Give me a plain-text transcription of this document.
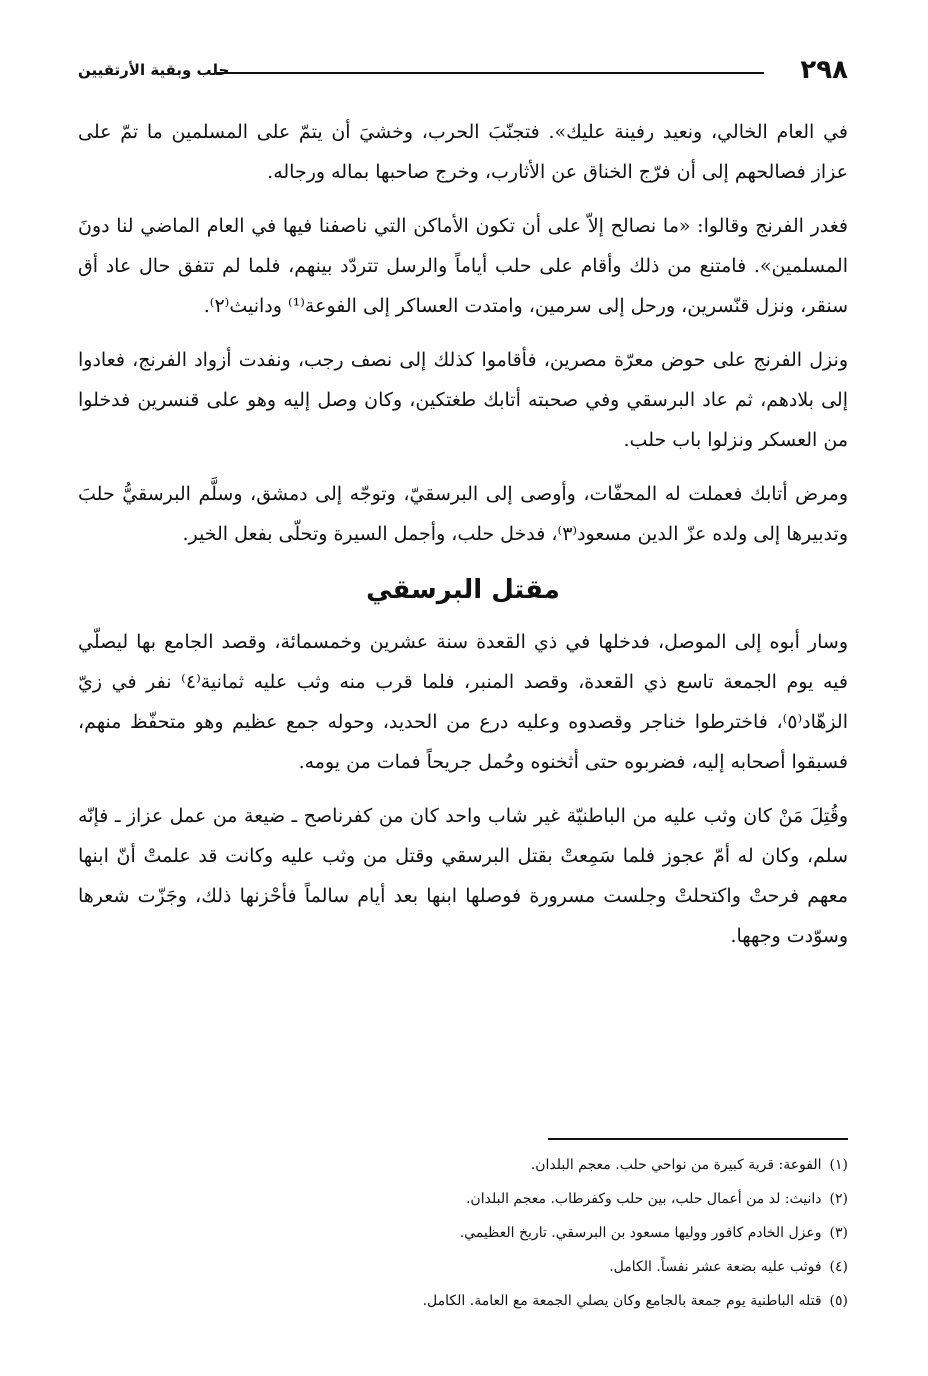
٢٩٨
حلب وبقية الأرتقيين

في العام الخالي، ونعيد رفينة عليك». فتجنّبَ الحرب، وخشيَ أن يتمّ على المسلمين ما تمّ على عزاز فصالحهم إلى أن فرّج الخناق عن الأثارب، وخرج صاحبها بماله ورجاله.

فغدر الفرنج وقالوا: «ما نصالح إلاّ على أن تكون الأماكن التي ناصفنا فيها في العام الماضي لنا دونَ المسلمين». فامتنع من ذلك وأقام على حلب أياماً والرسل تتردّد بينهم، فلما لم تتفق حال عاد أق سنقر، ونزل قنّسرين، ورحل إلى سرمين، وامتدت العساكر إلى الفوعة⁽¹⁾ ودانيث⁽٢⁾.

ونزل الفرنج على حوض معرّة مصرين، فأقاموا كذلك إلى نصف رجب، ونفدت أزواد الفرنج، فعادوا إلى بلادهم، ثم عاد البرسقي وفي صحبته أتابك طغتكين، وكان وصل إليه وهو على قنسرين فدخلوا من العسكر ونزلوا باب حلب.

ومرض أتابك فعملت له المحفّات، وأوصى إلى البرسقيّ، وتوجّه إلى دمشق، وسلَّم البرسقيُّ حلبَ وتدبيرها إلى ولده عزّ الدين مسعود⁽٣⁾، فدخل حلب، وأجمل السيرة وتحلّى بفعل الخير.

مقتل البرسقي

وسار أبوه إلى الموصل، فدخلها في ذي القعدة سنة عشرين وخمسمائة، وقصد الجامع بها ليصلّي فيه يوم الجمعة تاسع ذي القعدة، وقصد المنبر، فلما قرب منه وثب عليه ثمانية⁽٤⁾ نفر في زيّ الزهّاد⁽٥⁾، فاخترطوا خناجر وقصدوه وعليه درع من الحديد، وحوله جمع عظيم وهو متحفّظ منهم، فسبقوا أصحابه إليه، فضربوه حتى أثخنوه وحُمل جريحاً فمات من يومه.

وقُتِلَ مَنْ كان وثب عليه من الباطنيّة غير شاب واحد كان من كفرناصح ـ ضيعة من عمل عزاز ـ فإنّه سلم، وكان له أمّ عجوز فلما سَمِعتْ بقتل البرسقي وقتل من وثب عليه وكانت قد علمتْ أنّ ابنها معهم فرحتْ واكتحلتْ وجلست مسرورة فوصلها ابنها بعد أيام سالماً فأحْزنها ذلك، وجَزّت شعرها وسوّدت وجهها.

(١)الفوعة: قرية كبيرة من نواحي حلب. معجم البلدان.
(٢)دانيث: لد من أعمال حلب، بين حلب وكفرطاب. معجم البلدان.
(٣)وعزل الخادم كافور ووليها مسعود بن البرسقي. تاريخ العظيمي.
(٤)فوثب عليه بضعة عشر نفساً. الكامل.
(٥)قتله الباطنية يوم جمعة بالجامع وكان يصلي الجمعة مع العامة. الكامل.
